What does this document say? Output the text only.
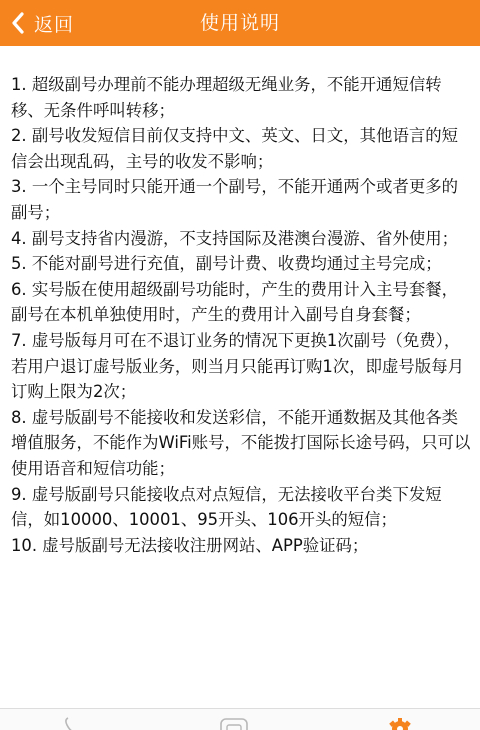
返回	使用说明

1. 超级副号办理前不能办理超级无绳业务，不能开通短信转移、无条件呼叫转移；

2. 副号收发短信目前仅支持中文、英文、日文，其他语言的短信会出现乱码，主号的收发不影响；

3. 一个主号同时只能开通一个副号，不能开通两个或者更多的副号；

4. 副号支持省内漫游，不支持国际及港澳台漫游、省外使用；

5. 不能对副号进行充值，副号计费、收费均通过主号完成；

6. 实号版在使用超级副号功能时，产生的费用计入主号套餐，副号在本机单独使用时，产生的费用计入副号自身套餐；

7. 虚号版每月可在不退订业务的情况下更换1次副号（免费），若用户退订虚号版业务，则当月只能再订购1次，即虚号版每月订购上限为2次；

8. 虚号版副号不能接收和发送彩信，不能开通数据及其他各类增值服务，不能作为WiFi账号，不能拨打国际长途号码，只可以使用语音和短信功能；

9. 虚号版副号只能接收点对点短信，无法接收平台类下发短信，如10000、10001、95开头、106开头的短信；

10. 虚号版副号无法接收注册网站、APP验证码；
